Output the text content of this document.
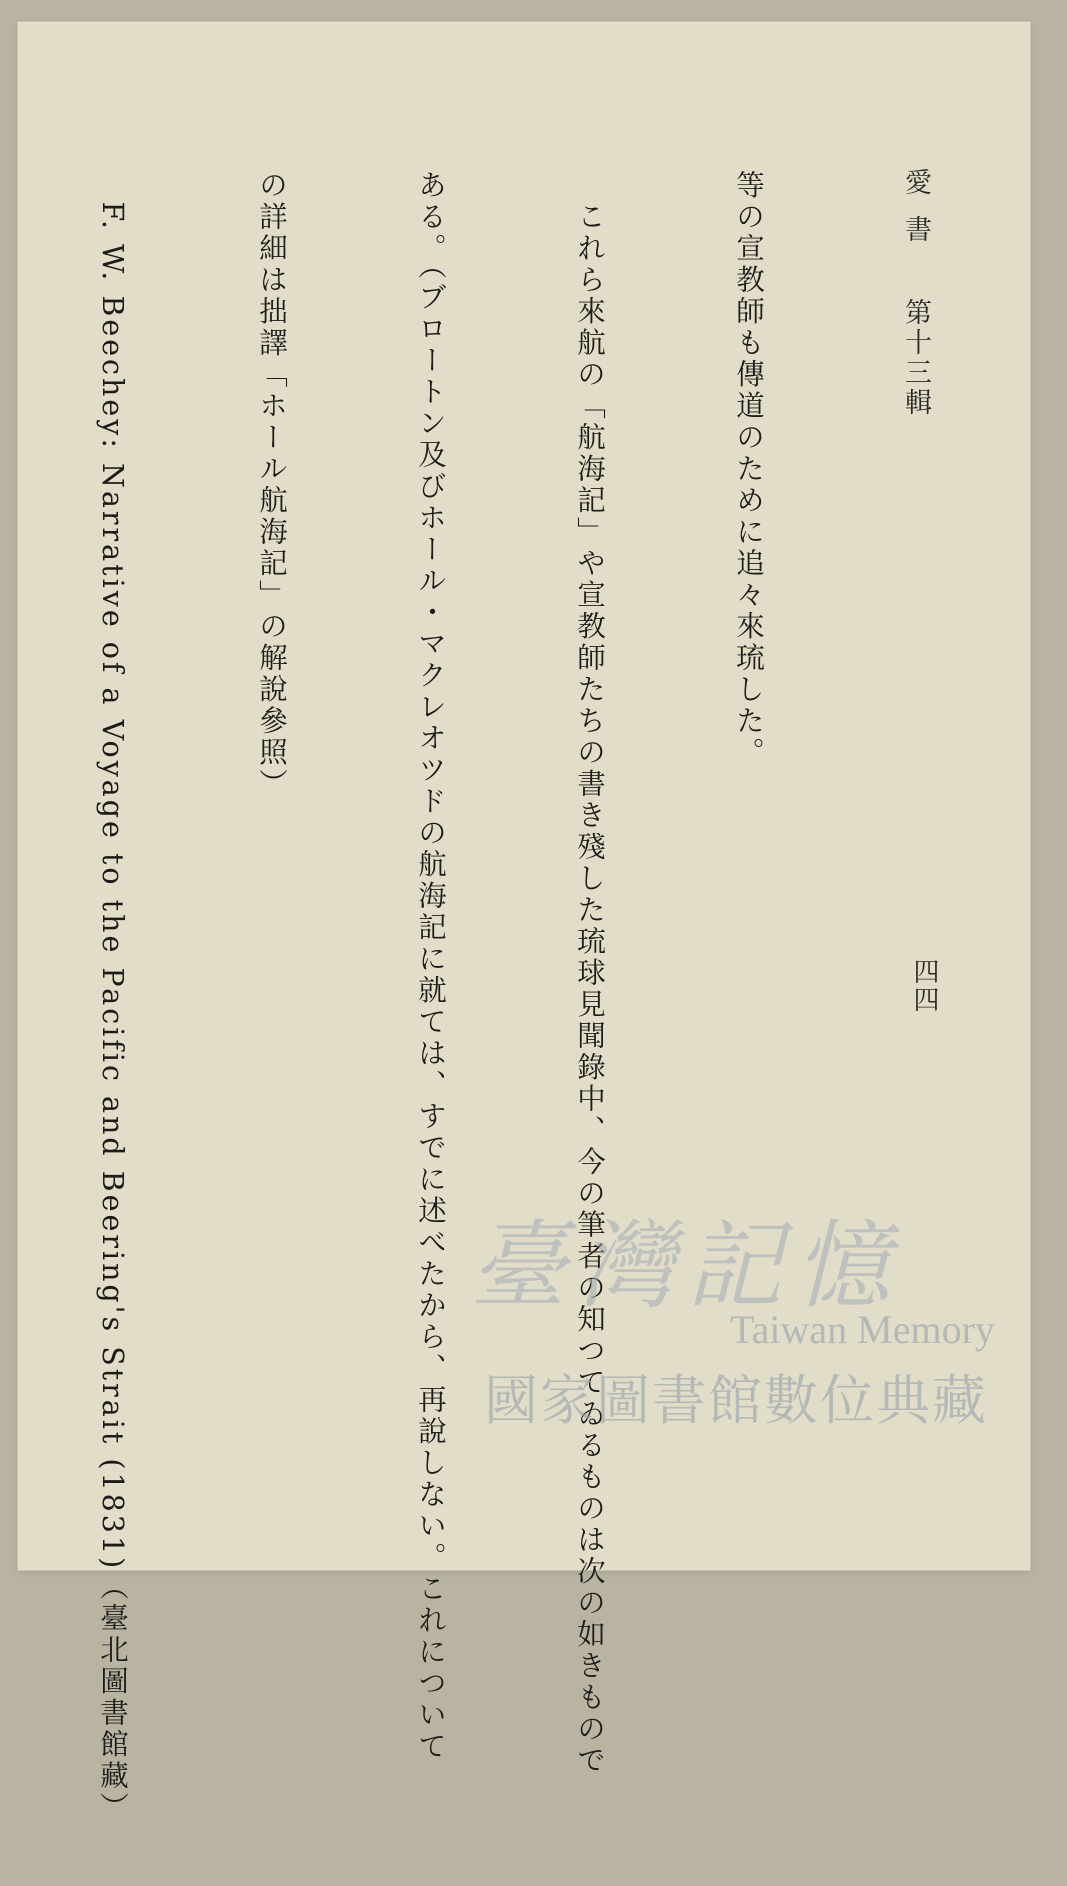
四四
愛書第十三輯

等の宣教師も傳道のために追々來琉した。

　これら來航の「航海記」や宣教師たちの書き殘した琉球見聞錄中、今の筆者の知つてゐるものは次の如きもので

ある。（ブロートン及びホール・マクレオツドの航海記に就ては、すでに述べたから、再說しない。これについて

の詳細は拙譯「ホール航海記」の解說參照）

　F. W. Beechey: Narrative of a Voyage to the Pacific and Beering's Strait (1831)（臺北圖書館藏）

	臺灣記憶
Taiwan Memory
國家圖書館數位典藏
